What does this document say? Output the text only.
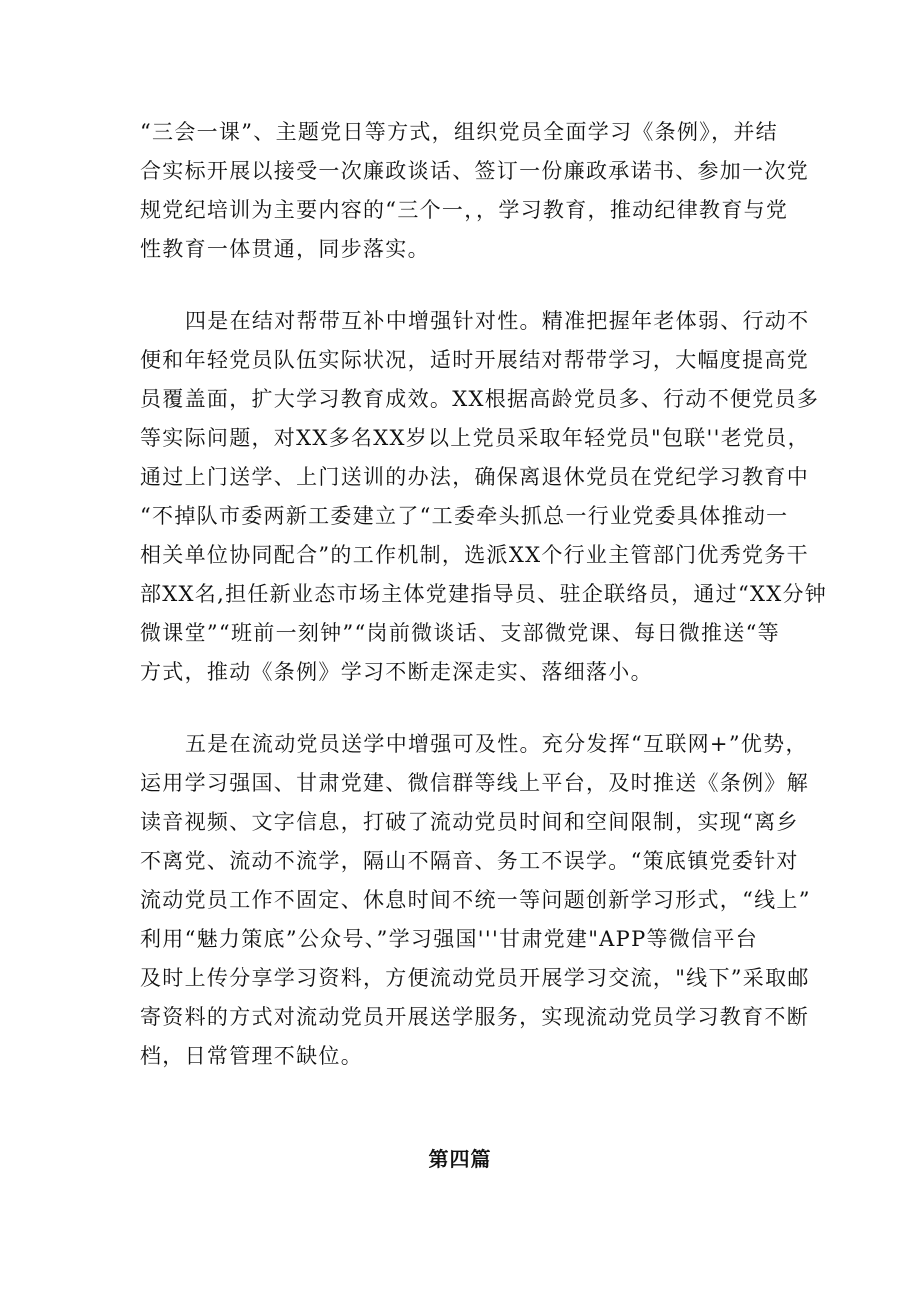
“三会一课”、主题党日等方式，组织党员全面学习《条例》，并结
合实标开展以接受一次廉政谈话、签订一份廉政承诺书、参加一次党
规党纪培训为主要内容的“三个一，，学习教育，推动纪律教育与党
性教育一体贯通，同步落实。
四是在结对帮带互补中增强针对性。精准把握年老体弱、行动不
便和年轻党员队伍实际状况，适时开展结对帮带学习，大幅度提高党
员覆盖面，扩大学习教育成效。XX根据高龄党员多、行动不便党员多
等实际问题，对XX多名XX岁以上党员采取年轻党员"包联''老党员，
通过上门送学、上门送训的办法，确保离退休党员在党纪学习教育中
“不掉队市委两新工委建立了“工委牵头抓总一行业党委具体推动一
相关单位协同配合”的工作机制，选派XX个行业主管部门优秀党务干
部XX名,担任新业态市场主体党建指导员、驻企联络员，通过“XX分钟
微课堂”“班前一刻钟”“岗前微谈话、支部微党课、每日微推送“等
方式，推动《条例》学习不断走深走实、落细落小。
五是在流动党员送学中增强可及性。充分发挥“互联网+”优势，
运用学习强国、甘肃党建、微信群等线上平台，及时推送《条例》解
读音视频、文字信息，打破了流动党员时间和空间限制，实现“离乡
不离党、流动不流学，隔山不隔音、务工不误学。“策底镇党委针对
流动党员工作不固定、休息时间不统一等问题创新学习形式，“线上”
利用“魅力策底”公众号、”学习强国'''甘肃党建"APP等微信平台
及时上传分享学习资料，方便流动党员开展学习交流，"线下”采取邮
寄资料的方式对流动党员开展送学服务，实现流动党员学习教育不断
档，日常管理不缺位。
第四篇
